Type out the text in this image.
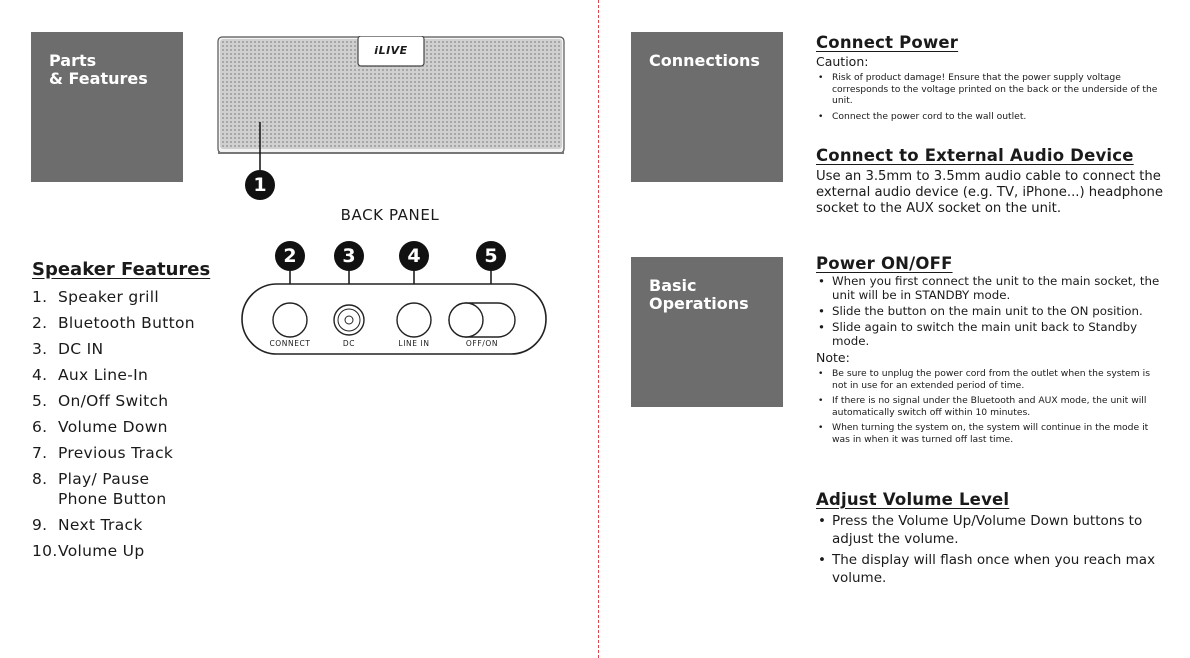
Parts
& Features
iLIVE
1
BACK PANEL
2	3	4	5
CONNECT	DC	LINE IN	OFF/ON
Speaker Features
1. Speaker grill
2. Bluetooth Button
3. DC IN
4. Aux Line-In
5. On/Off Switch
6. Volume Down
7. Previous Track
8. Play/ Pause
Phone Button
9. Next Track
10.Volume Up
Connections
Basic
Operations
Connect Power
Caution:
• Risk of product damage! Ensure that the power supply voltage corresponds to the voltage printed on the back or the underside of the unit.
• Connect the power cord to the wall outlet.
Connect to External Audio Device
Use an 3.5mm to 3.5mm audio cable to connect the external audio device (e.g. TV, iPhone...) headphone socket to the AUX socket on the unit.
Power ON/OFF
• When you first connect the unit to the main socket, the unit will be in STANDBY mode.
• Slide the button on the main unit to the ON position.
• Slide again to switch the main unit back to Standby mode.
Note:
• Be sure to unplug the power cord from the outlet when the system is not in use for an extended period of time.
• If there is no signal under the Bluetooth and AUX mode, the unit will automatically switch off within 10 minutes.
• When turning the system on, the system will continue in the mode it was in when it was turned off last time.
Adjust Volume Level
• Press the Volume Up/Volume Down buttons to adjust the volume.
• The display will flash once when you reach max volume.
